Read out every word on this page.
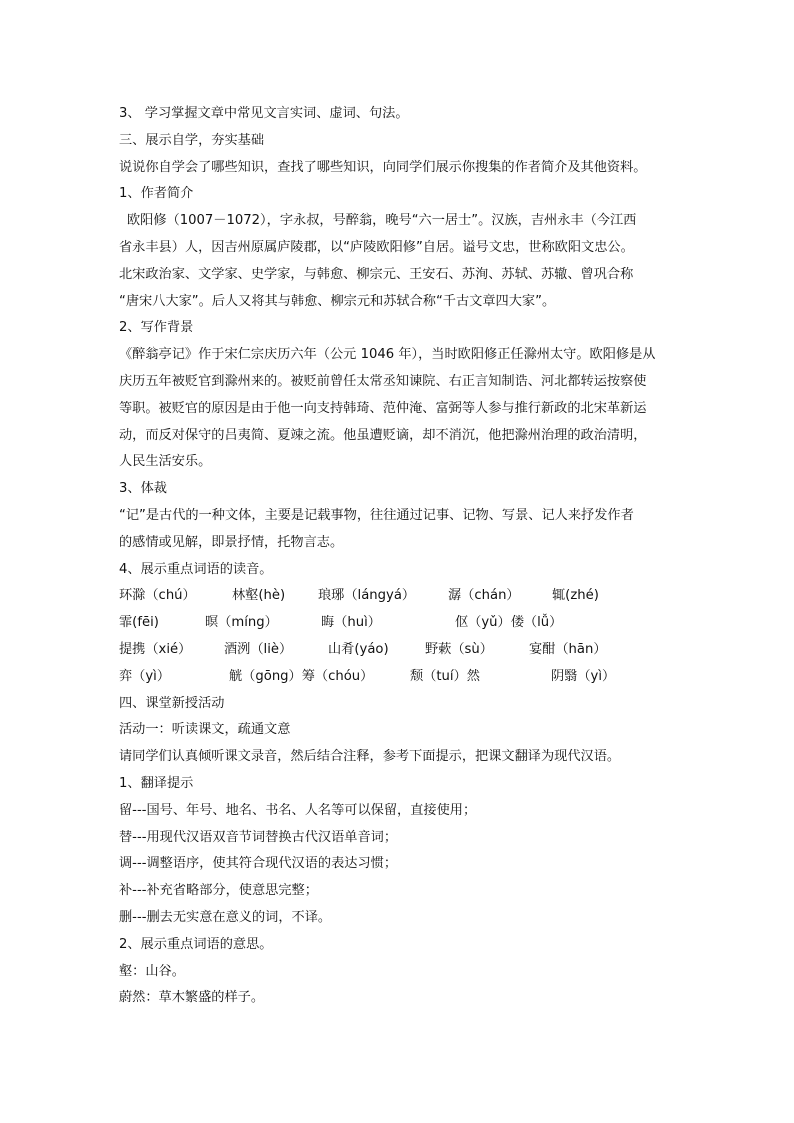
3、 学习掌握文章中常见文言实词、虚词、句法。
三、展示自学，夯实基础
说说你自学会了哪些知识，查找了哪些知识，向同学们展示你搜集的作者简介及其他资料。
1、作者简介
欧阳修（1007－1072），字永叔，号醉翁，晚号“六一居士”。汉族，吉州永丰（今江西
省永丰县）人，因吉州原属庐陵郡，以“庐陵欧阳修”自居。谥号文忠，世称欧阳文忠公。
北宋政治家、文学家、史学家，与韩愈、柳宗元、王安石、苏洵、苏轼、苏辙、曾巩合称
“唐宋八大家”。后人又将其与韩愈、柳宗元和苏轼合称“千古文章四大家”。
2、写作背景
《醉翁亭记》作于宋仁宗庆历六年（公元 1046 年），当时欧阳修正任滁州太守。欧阳修是从
庆历五年被贬官到滁州来的。被贬前曾任太常丞知谏院、右正言知制诰、河北都转运按察使
等职。被贬官的原因是由于他一向支持韩琦、范仲淹、富弼等人参与推行新政的北宋革新运
动，而反对保守的吕夷简、夏竦之流。他虽遭贬谪，却不消沉，他把滁州治理的政治清明，
人民生活安乐。
3、体裁
“记”是古代的一种文体，主要是记载事物，往往通过记事、记物、写景、记人来抒发作者
的感情或见解，即景抒情，托物言志。
4、展示重点词语的读音。
环滁（chú）	林壑(hè) 琅琊（lángyá） 潺（chán） 辄(zhé)
霏(fēi)	暝（míng）	晦（huì）	伛（yǔ）偻（lǚ）
提携（xié） 酒洌（liè）	山肴(yáo)	野蔌（sù）	宴酣（hān）
弈（yì）	觥（gōng）筹（chóu）	颓（tuí）然	阴翳（yì）
四、课堂新授活动
活动一：听读课文，疏通文意
请同学们认真倾听课文录音，然后结合注释，参考下面提示，把课文翻译为现代汉语。
1、翻译提示
留---国号、年号、地名、书名、人名等可以保留，直接使用；
替---用现代汉语双音节词替换古代汉语单音词；
调---调整语序，使其符合现代汉语的表达习惯；
补---补充省略部分，使意思完整；
删---删去无实意在意义的词，不译。
2、展示重点词语的意思。
壑：山谷。
蔚然：草木繁盛的样子。
